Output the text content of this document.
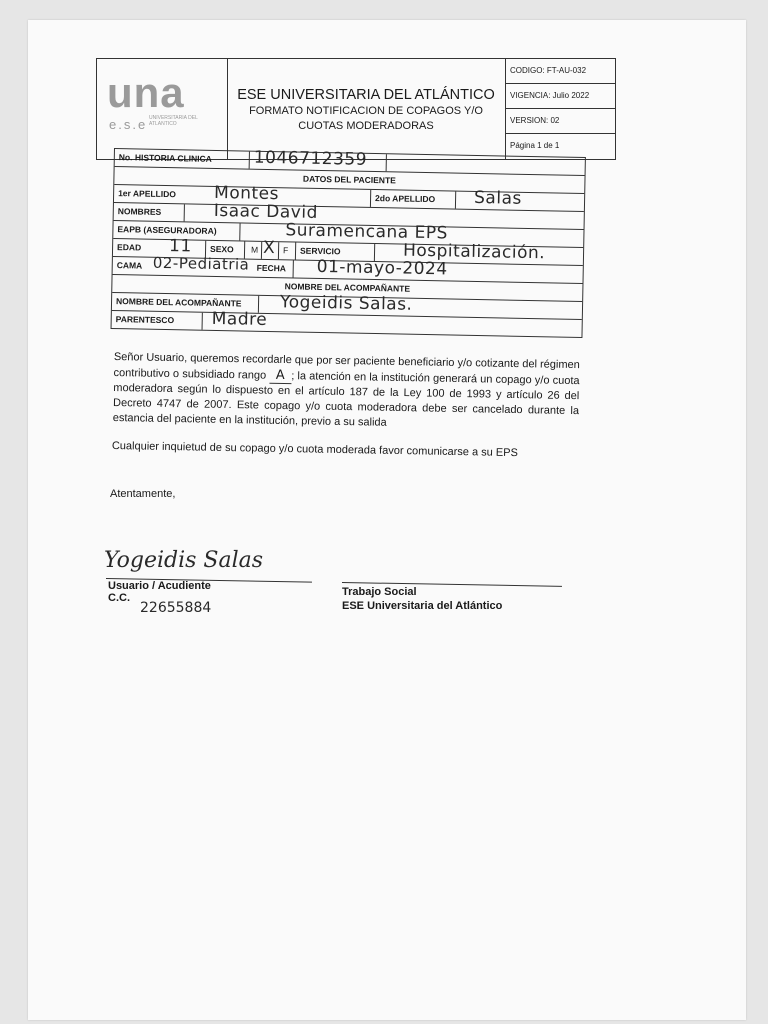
una
e.s.e UNIVERSITARIA DEL ATLANTICO
ESE UNIVERSITARIA DEL ATLÁNTICO
FORMATO NOTIFICACION DE COPAGOS Y/O
CUOTAS MODERADORAS
CODIGO: FT-AU-032
VIGENCIA: Julio 2022
VERSION: 02
Página 1 de 1
No. HISTORIA CLINICA 1046712359
DATOS DEL PACIENTE
1er APELLIDO Montes	2do APELLIDO Salas
NOMBRES	Isaac David
EAPB (ASEGURADORA)	Suramencana EPS
EDAD 11	SEXO	M X F	SERVICIO	Hospitalización.
CAMA 02-Pediatria FECHA 01-mayo-2024
NOMBRE DEL ACOMPAÑANTE
NOMBRE DEL ACOMPAÑANTE Yogeidis Salas.
PARENTESCO Madre
Señor Usuario, queremos recordarle que por ser paciente beneficiario y/o cotizante del régimen contributivo o subsidiado rango A ; la atención en la institución generará un copago y/o cuota moderadora según lo dispuesto en el artículo 187 de la Ley 100 de 1993 y artículo 26 del Decreto 4747 de 2007. Este copago y/o cuota moderadora debe ser cancelado durante la estancia del paciente en la institución, previo a su salida
Cualquier inquietud de su copago y/o cuota moderada favor comunicarse a su EPS
Atentamente,
Yogeidis Salas
Usuario / Acudiente
C.C.
22655884
Trabajo Social
ESE Universitaria del Atlántico
